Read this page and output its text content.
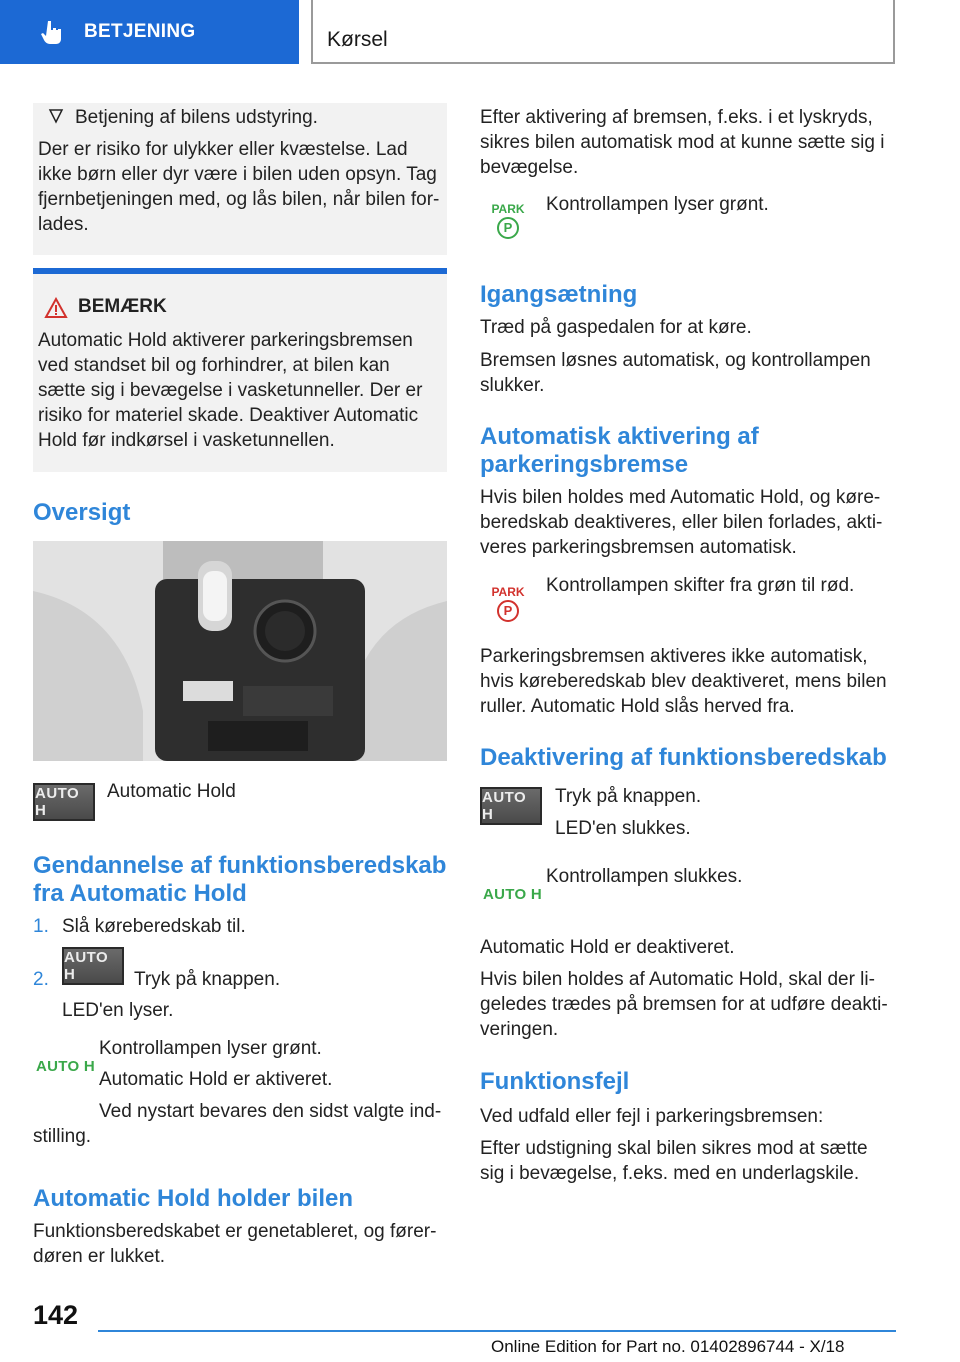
BETJENING	Kørsel
Betjening af bilens udstyring.
Der er risiko for ulykker eller kvæstelse. Lad ikke børn eller dyr være i bilen uden opsyn. Tag fjernbetjeningen med, og lås bilen, når bilen for-lades.
BEMÆRK
Automatic Hold aktiverer parkeringsbremsen ved standset bil og forhindrer, at bilen kan sætte sig i bevægelse i vasketunneller. Der er risiko for materiel skade. Deaktiver Automatic Hold før indkørsel i vasketunnellen.
Oversigt
AUTO H
Automatic Hold
Gendannelse af funktionsberedskab fra Automatic Hold
1. Slå køreberedskab til.
2.
AUTO H	Tryk på knappen.
LED'en lyser.
AUTO H
Kontrollampen lyser grønt.
Automatic Hold er aktiveret.
Ved nystart bevares den sidst valgte ind-stilling.
Automatic Hold holder bilen
Funktionsberedskabet er genetableret, og fører-døren er lukket.
Efter aktivering af bremsen, f.eks. i et lyskryds, sikres bilen automatisk mod at kunne sætte sig i bevægelse.
PARK
P
Kontrollampen lyser grønt.
Igangsætning
Træd på gaspedalen for at køre.
Bremsen løsnes automatisk, og kontrollampen slukker.
Automatisk aktivering af parkeringsbremse
Hvis bilen holdes med Automatic Hold, og køre-beredskab deaktiveres, eller bilen forlades, akti-veres parkeringsbremsen automatisk.
PARK
P
Kontrollampen skifter fra grøn til rød.
Parkeringsbremsen aktiveres ikke automatisk, hvis køreberedskab blev deaktiveret, mens bilen ruller. Automatic Hold slås herved fra.
Deaktivering af funktionsberedskab
AUTO H
Tryk på knappen.
LED'en slukkes.
AUTO H
Kontrollampen slukkes.
Automatic Hold er deaktiveret.
Hvis bilen holdes af Automatic Hold, skal der li-geledes trædes på bremsen for at udføre deakti-veringen.
Funktionsfejl
Ved udfald eller fejl i parkeringsbremsen:
Efter udstigning skal bilen sikres mod at sætte sig i bevægelse, f.eks. med en underlagskile.
142
Online Edition for Part no. 01402896744 - X/18
